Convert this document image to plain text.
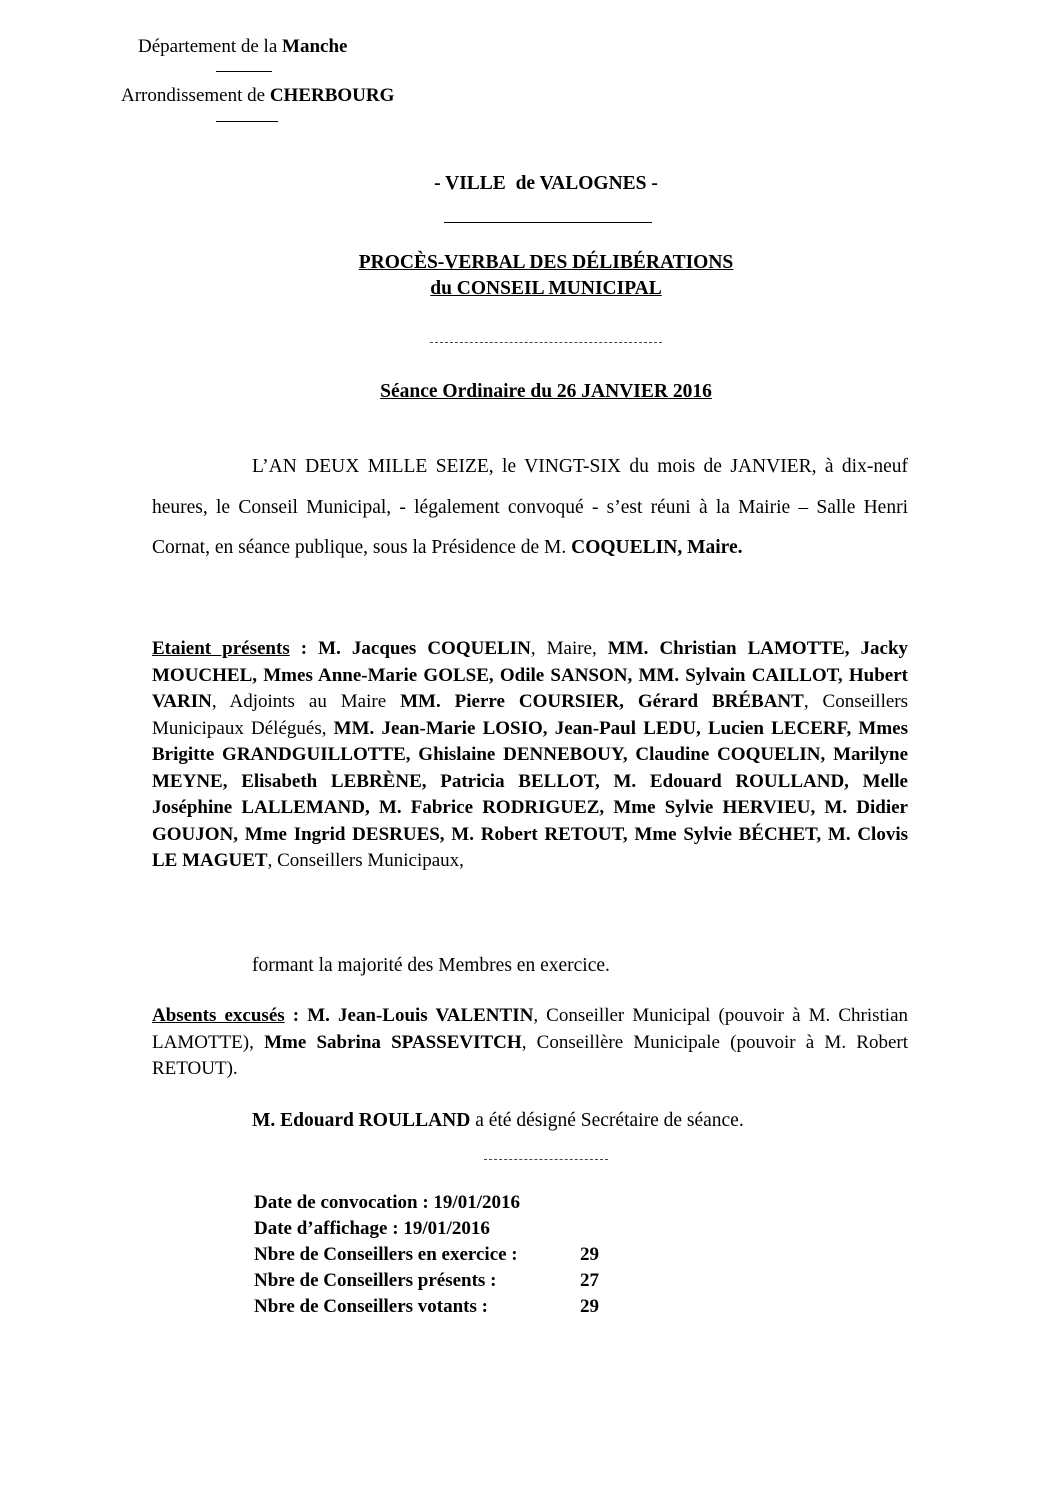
Département de la Manche
Arrondissement de CHERBOURG
- VILLE  de VALOGNES -
PROCÈS-VERBAL DES DÉLIBÉRATIONS
du CONSEIL MUNICIPAL
Séance Ordinaire du 26 JANVIER 2016
L’AN DEUX MILLE SEIZE, le VINGT-SIX du mois de JANVIER, à dix-neuf heures, le Conseil Municipal, - légalement convoqué - s’est réuni à la Mairie – Salle Henri Cornat, en séance publique, sous la Présidence de M. COQUELIN, Maire.
Etaient présents : M. Jacques COQUELIN, Maire, MM. Christian LAMOTTE, Jacky MOUCHEL, Mmes Anne-Marie GOLSE, Odile SANSON, MM. Sylvain CAILLOT, Hubert VARIN, Adjoints au Maire MM. Pierre COURSIER, Gérard BRÉBANT, Conseillers Municipaux Délégués, MM. Jean-Marie LOSIO, Jean-Paul LEDU, Lucien LECERF, Mmes Brigitte GRANDGUILLOTTE, Ghislaine DENNEBOUY, Claudine COQUELIN, Marilyne MEYNE, Elisabeth LEBRÈNE, Patricia BELLOT, M. Edouard ROULLAND, Melle Joséphine LALLEMAND, M. Fabrice RODRIGUEZ, Mme Sylvie HERVIEU, M. Didier GOUJON, Mme Ingrid DESRUES, M. Robert RETOUT, Mme Sylvie BÉCHET, M. Clovis LE MAGUET, Conseillers Municipaux,
formant la majorité des Membres en exercice.
Absents excusés : M. Jean-Louis VALENTIN, Conseiller Municipal (pouvoir à M. Christian LAMOTTE), Mme Sabrina SPASSEVITCH, Conseillère Municipale (pouvoir à M. Robert RETOUT).
M. Edouard ROULLAND a été désigné Secrétaire de séance.
Date de convocation : 19/01/2016
Date d’affichage : 19/01/2016
Nbre de Conseillers en exercice :	29
Nbre de Conseillers présents :	27
Nbre de Conseillers votants :	29
